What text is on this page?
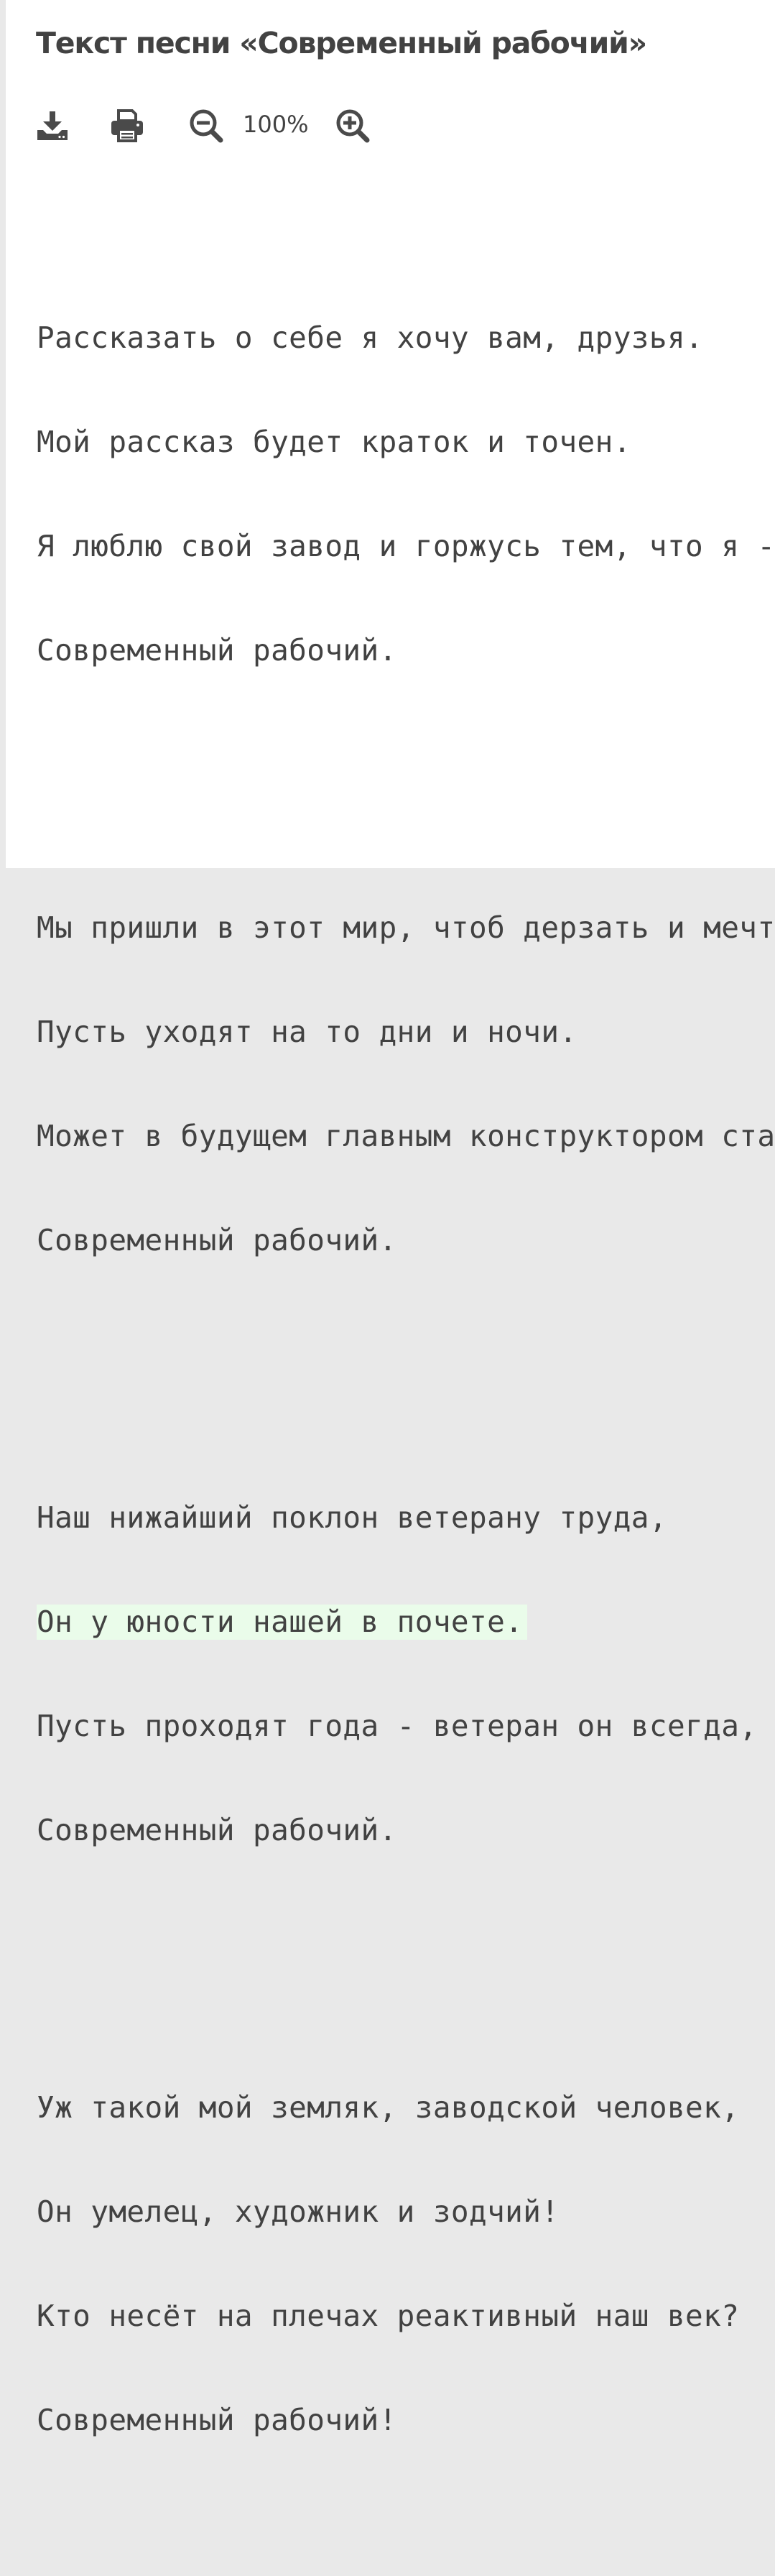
Текст песни «Современный рабочий»
100%

Рассказать о себе я хочу вам, друзья.

Мой рассказ будет краток и точен.

Я люблю свой завод и горжусь тем, что я -

Современный рабочий.

Мы пришли в этот мир, чтоб дерзать и мечт

Пусть уходят на то дни и ночи.

Может в будущем главным конструктором ста

Современный рабочий.

Наш нижайший поклон ветерану труда,

Он у юности нашей в почете.

Пусть проходят года - ветеран он всегда,

Современный рабочий.

Уж такой мой земляк, заводской человек,

Он умелец, художник и зодчий!

Кто несёт на плечах реактивный наш век?

Современный рабочий!
